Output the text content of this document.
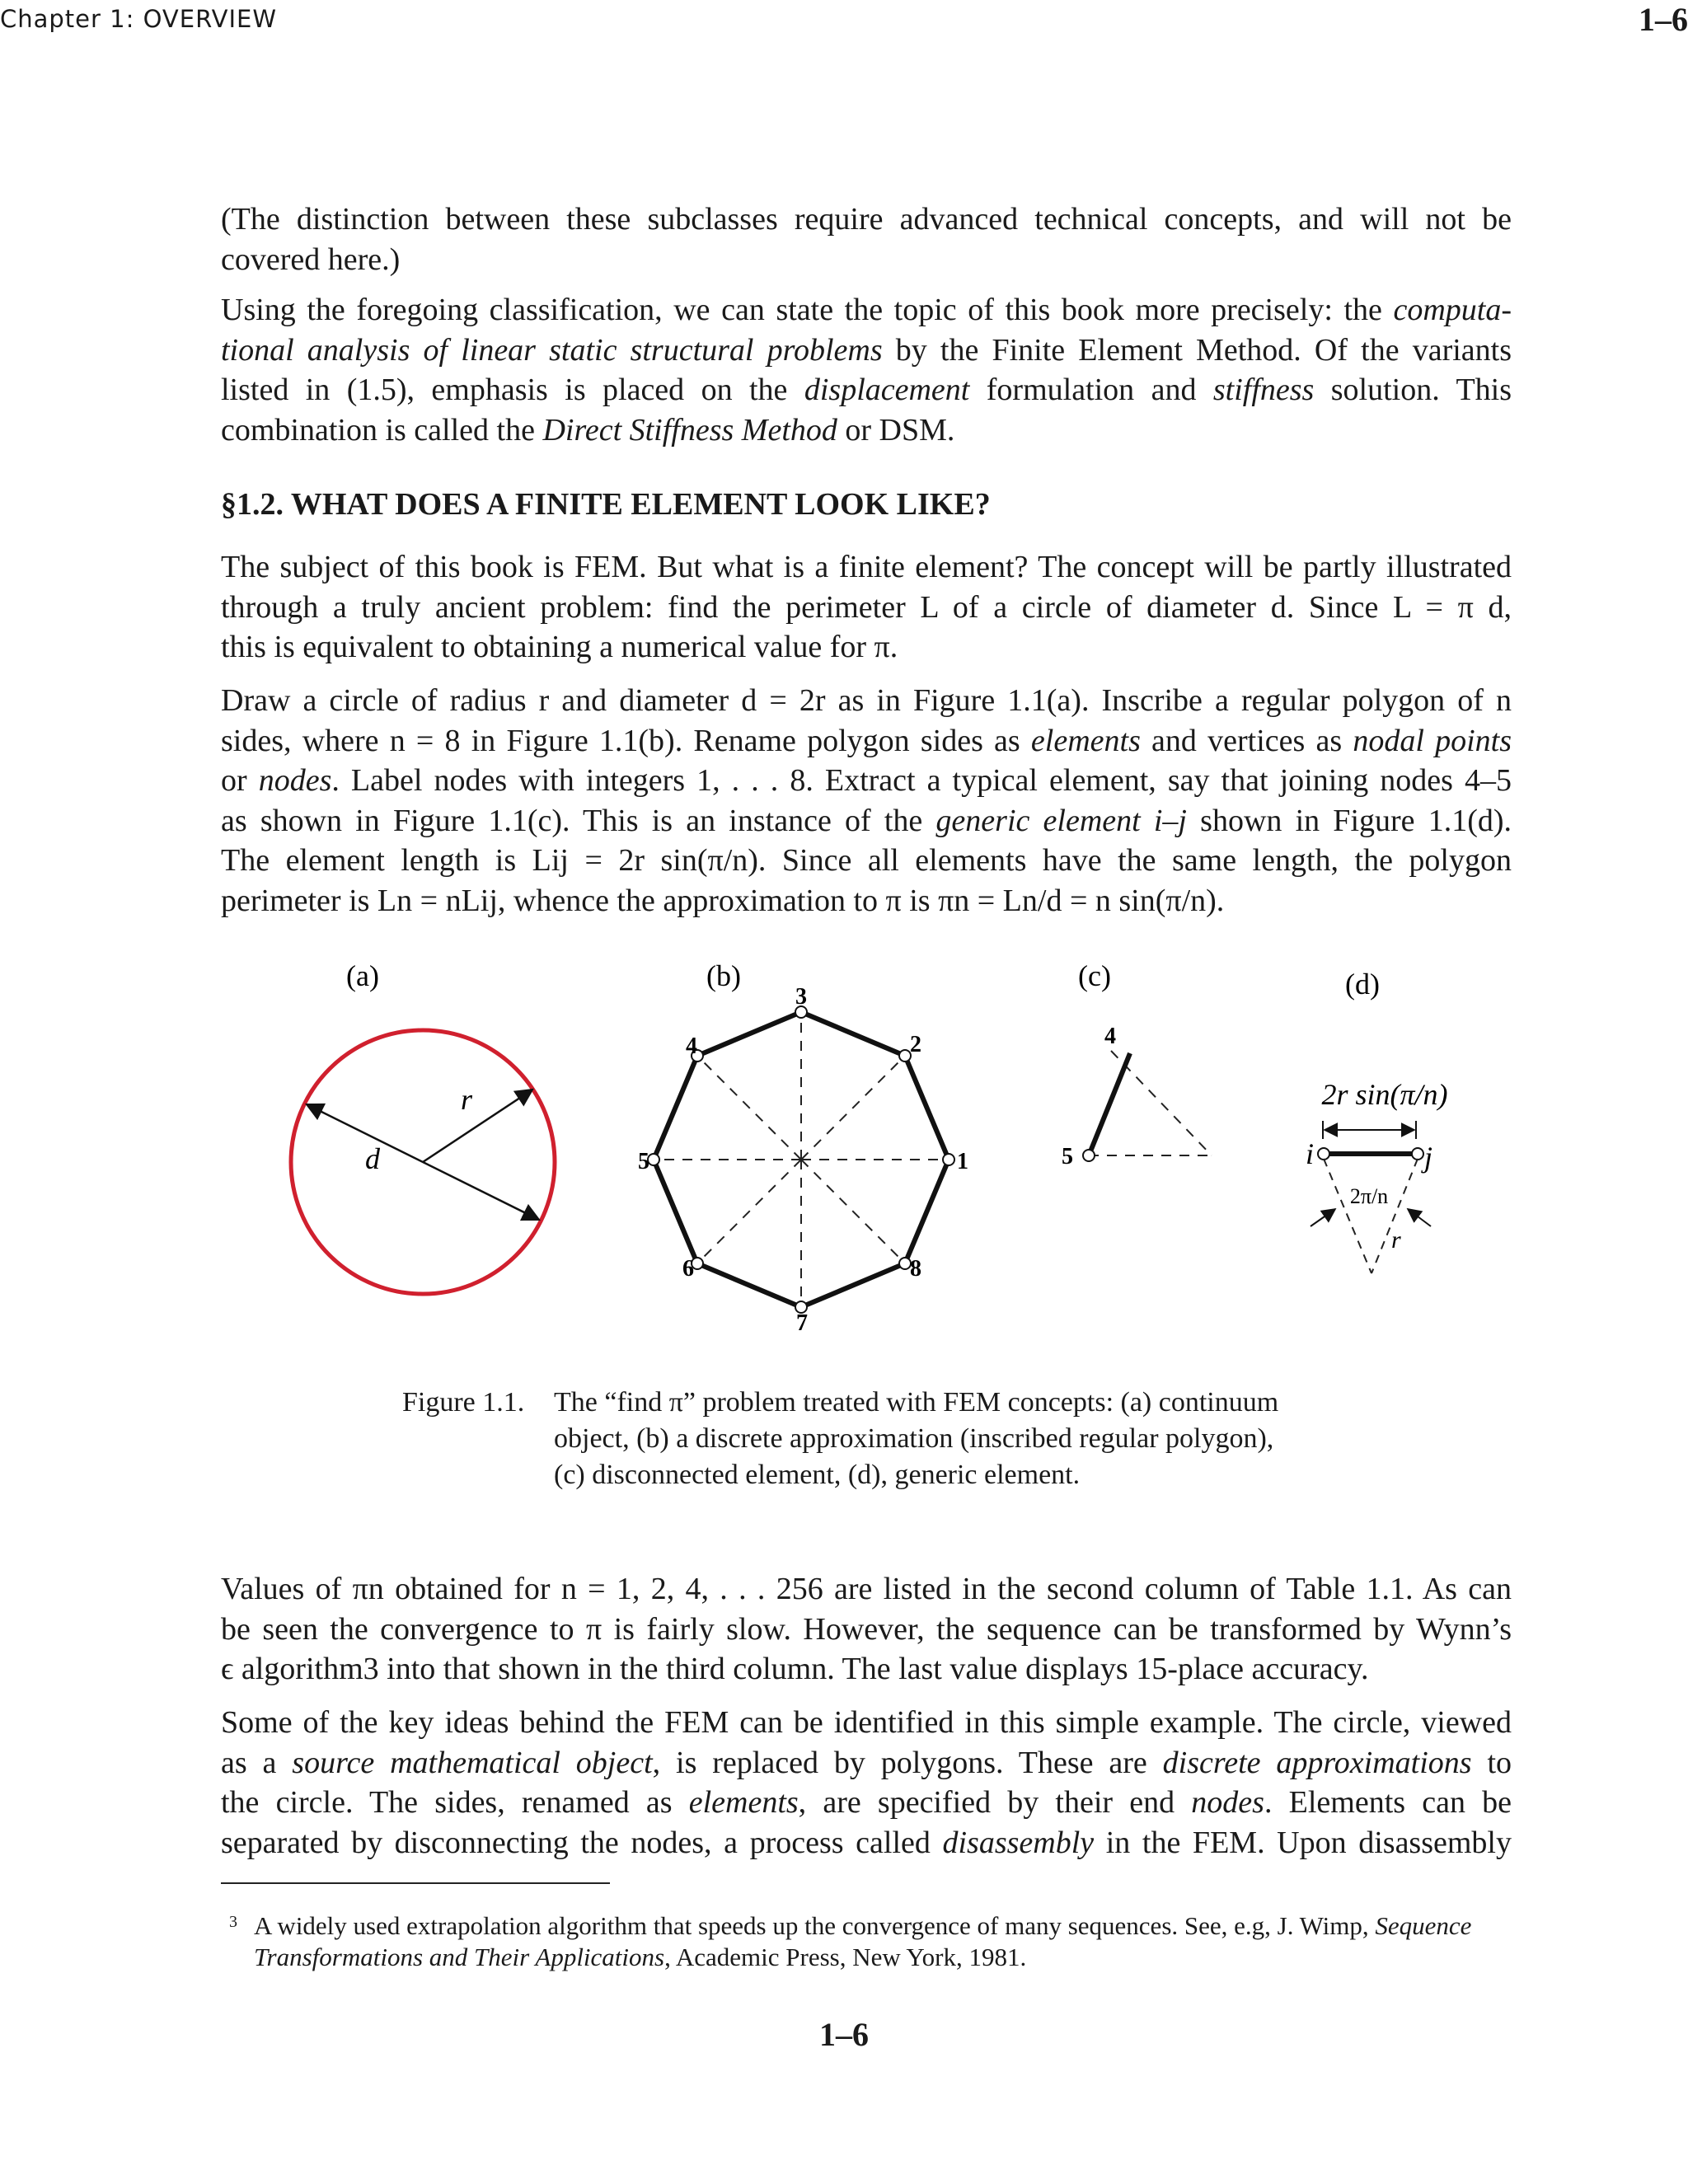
Chapter 1: OVERVIEW	1–6
(The distinction between these subclasses require advanced technical concepts, and will not be
covered here.)
Using the foregoing classification, we can state the topic of this book more precisely: the computa-
tional analysis of linear static structural problems by the Finite Element Method. Of the variants
listed in (1.5), emphasis is placed on the displacement formulation and stiffness solution. This
combination is called the Direct Stiffness Method or DSM.
§1.2. WHAT DOES A FINITE ELEMENT LOOK LIKE?
The subject of this book is FEM. But what is a finite element? The concept will be partly illustrated
through a truly ancient problem: find the perimeter L of a circle of diameter d. Since L = π d,
this is equivalent to obtaining a numerical value for π.
Draw a circle of radius r and diameter d = 2r as in Figure 1.1(a). Inscribe a regular polygon of n
sides, where n = 8 in Figure 1.1(b). Rename polygon sides as elements and vertices as nodal points
or nodes. Label nodes with integers 1, . . . 8. Extract a typical element, say that joining nodes 4–5
as shown in Figure 1.1(c). This is an instance of the generic element i–j shown in Figure 1.1(d).
The element length is Lij = 2r sin(π/n). Since all elements have the same length, the polygon
perimeter is Ln = nLij, whence the approximation to π is πn = Ln/d = n sin(π/n).
(a)
r
d
(b)
1
2
3
4
5
6
7
8
(c)
4
5
(d)
2r sin(π/n)
i	j
2π/n
r
Figure 1.1. The “find π” problem treated with FEM concepts: (a) continuum
object, (b) a discrete approximation (inscribed regular polygon),
(c) disconnected element, (d), generic element.
Values of πn obtained for n = 1, 2, 4, . . . 256 are listed in the second column of Table 1.1. As can
be seen the convergence to π is fairly slow. However, the sequence can be transformed by Wynn’s
ϵ algorithm3 into that shown in the third column. The last value displays 15-place accuracy.
Some of the key ideas behind the FEM can be identified in this simple example. The circle, viewed
as a source mathematical object, is replaced by polygons. These are discrete approximations to
the circle. The sides, renamed as elements, are specified by their end nodes. Elements can be
separated by disconnecting the nodes, a process called disassembly in the FEM. Upon disassembly
3 A widely used extrapolation algorithm that speeds up the convergence of many sequences. See, e.g, J. Wimp, Sequence
Transformations and Their Applications, Academic Press, New York, 1981.
1–6
